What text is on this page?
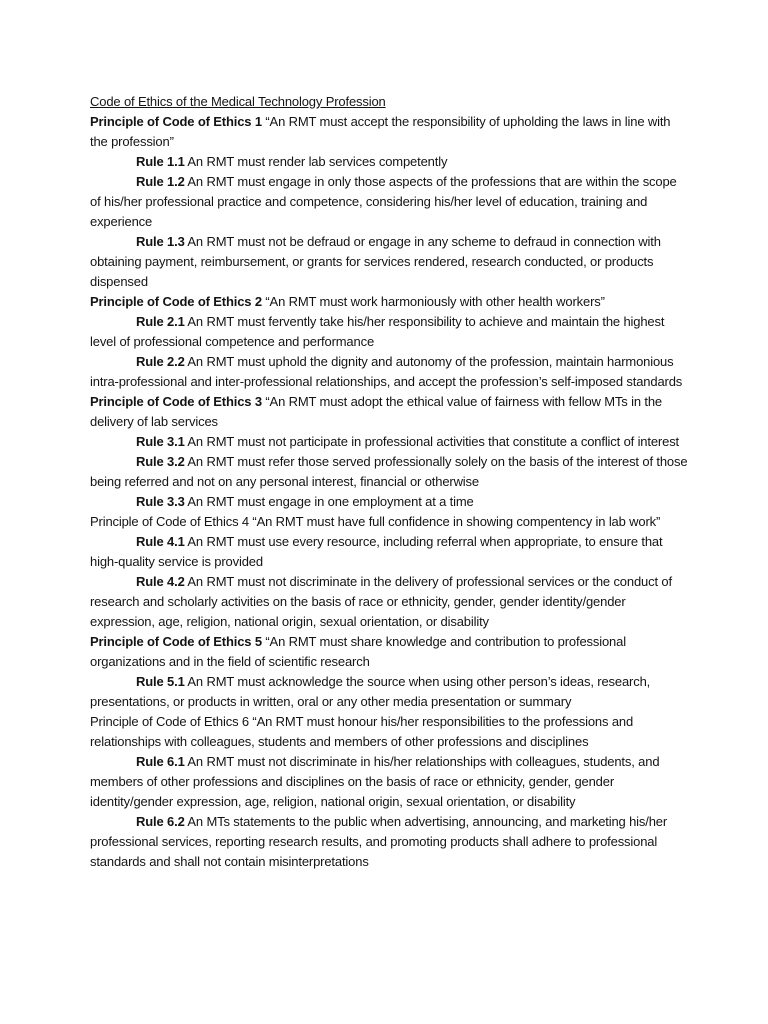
Code of Ethics of the Medical Technology Profession

Principle of Code of Ethics 1 “An RMT must accept the responsibility of upholding the laws in line with the profession”

Rule 1.1 An RMT must render lab services competently

Rule 1.2 An RMT must engage in only those aspects of the professions that are within the scope of his/her professional practice and competence, considering his/her level of education, training and experience

Rule 1.3 An RMT must not be defraud or engage in any scheme to defraud in connection with obtaining payment, reimbursement, or grants for services rendered, research conducted, or products dispensed

Principle of Code of Ethics 2 “An RMT must work harmoniously with other health workers”

Rule 2.1 An RMT must fervently take his/her responsibility to achieve and maintain the highest level of professional competence and performance

Rule 2.2 An RMT must uphold the dignity and autonomy of the profession, maintain harmonious intra-professional and inter-professional relationships, and accept the profession’s self-imposed standards

Principle of Code of Ethics 3 “An RMT must adopt the ethical value of fairness with fellow MTs in the delivery of lab services

Rule 3.1 An RMT must not participate in professional activities that constitute a conflict of interest

Rule 3.2 An RMT must refer those served professionally solely on the basis of the interest of those being referred and not on any personal interest, financial or otherwise

Rule 3.3 An RMT must engage in one employment at a time

Principle of Code of Ethics 4 “An RMT must have full confidence in showing compentency in lab work”

Rule 4.1 An RMT must use every resource, including referral when appropriate, to ensure that high-quality service is provided

Rule 4.2 An RMT must not discriminate in the delivery of professional services or the conduct of research and scholarly activities on the basis of race or ethnicity, gender, gender identity/gender expression, age, religion, national origin, sexual orientation, or disability

Principle of Code of Ethics 5 “An RMT must share knowledge and contribution to professional organizations and in the field of scientific research

Rule 5.1 An RMT must acknowledge the source when using other person’s ideas, research, presentations, or products in written, oral or any other media presentation or summary

Principle of Code of Ethics 6 “An RMT must honour his/her responsibilities to the professions and relationships with colleagues, students and members of other professions and disciplines

Rule 6.1 An RMT must not discriminate in his/her relationships with colleagues, students, and members of other professions and disciplines on the basis of race or ethnicity, gender, gender identity/gender expression, age, religion, national origin, sexual orientation, or disability

Rule 6.2 An MTs statements to the public when advertising, announcing, and marketing his/her professional services, reporting research results, and promoting products shall adhere to professional standards and shall not contain misinterpretations
